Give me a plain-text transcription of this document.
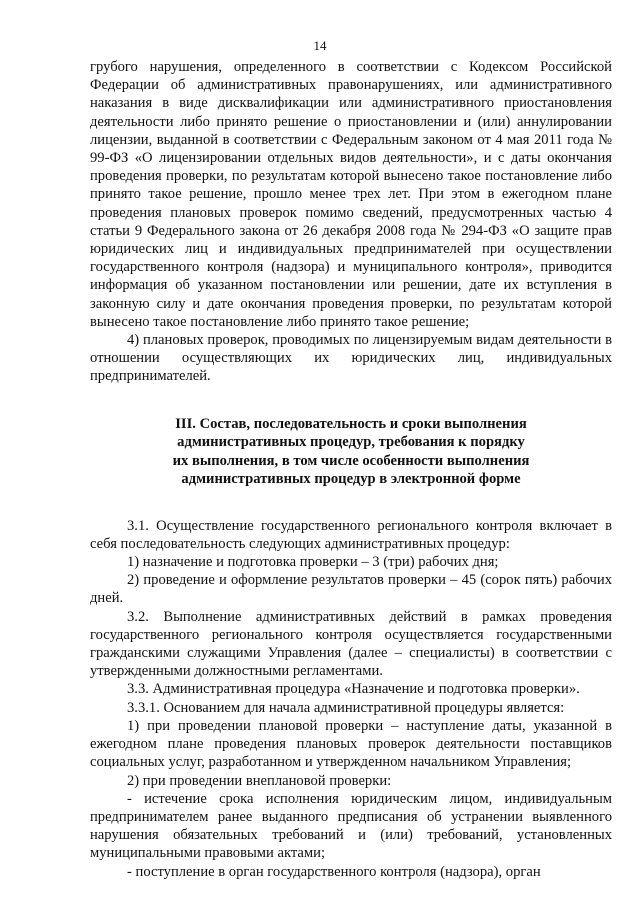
14

грубого нарушения, определенного в соответствии с Кодексом Российской Федерации об административных правонарушениях, или административного наказания в виде дисквалификации или административного приостановления деятельности либо принято решение о приостановлении и (или) аннулировании лицензии, выданной в соответствии с Федеральным законом от 4 мая 2011 года № 99-ФЗ «О лицензировании отдельных видов деятельности», и с даты окончания проведения проверки, по результатам которой вынесено такое постановление либо принято такое решение, прошло менее трех лет. При этом в ежегодном плане проведения плановых проверок помимо сведений, предусмотренных частью 4 статьи 9 Федерального закона от 26 декабря 2008 года № 294-ФЗ «О защите прав юридических лиц и индивидуальных предпринимателей при осуществлении государственного контроля (надзора) и муниципального контроля», приводится информация об указанном постановлении или решении, дате их вступления в законную силу и дате окончания проведения проверки, по результатам которой вынесено такое постановление либо принято такое решение;

4) плановых проверок, проводимых по лицензируемым видам деятельности в отношении осуществляющих их юридических лиц, индивидуальных предпринимателей.

III. Состав, последовательность и сроки выполнения
административных процедур, требования к порядку
их выполнения, в том числе особенности выполнения
административных процедур в электронной форме

3.1. Осуществление государственного регионального контроля включает в себя последовательность следующих административных процедур:

1) назначение и подготовка проверки – 3 (три) рабочих дня;

2) проведение и оформление результатов проверки – 45 (сорок пять) рабочих дней.

3.2. Выполнение административных действий в рамках проведения государственного регионального контроля осуществляется государственными гражданскими служащими Управления (далее – специалисты) в соответствии с утвержденными должностными регламентами.

3.3. Административная процедура «Назначение и подготовка проверки».

3.3.1. Основанием для начала административной процедуры является:

1) при проведении плановой проверки – наступление даты, указанной в ежегодном плане проведения плановых проверок деятельности поставщиков социальных услуг, разработанном и утвержденном начальником Управления;

2) при проведении внеплановой проверки:

- истечение срока исполнения юридическим лицом, индивидуальным предпринимателем ранее выданного предписания об устранении выявленного нарушения обязательных требований и (или) требований, установленных муниципальными правовыми актами;

- поступление в орган государственного контроля (надзора), орган
